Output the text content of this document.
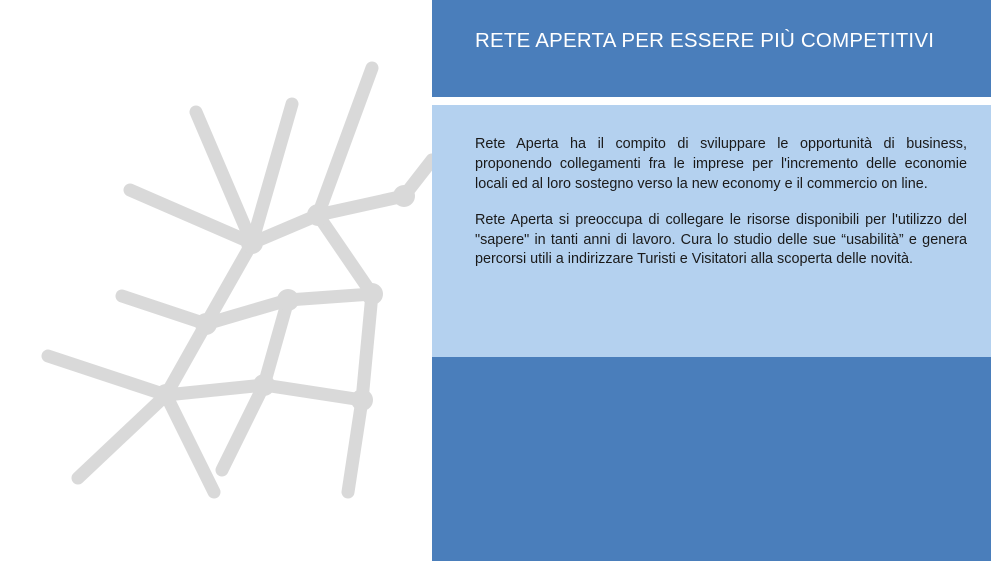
RETE APERTA PER ESSERE PIÙ COMPETITIVI

Rete Aperta ha il compito di sviluppare le opportunità di business, proponendo collegamenti fra le imprese per l'incremento delle economie locali ed al loro sostegno verso la new economy e il commercio on line.

Rete Aperta si preoccupa di collegare le risorse disponibili per l'utilizzo del "sapere" in tanti anni di lavoro. Cura lo studio delle sue “usabilità” e genera percorsi utili a indirizzare Turisti e Visitatori alla scoperta delle novità.
